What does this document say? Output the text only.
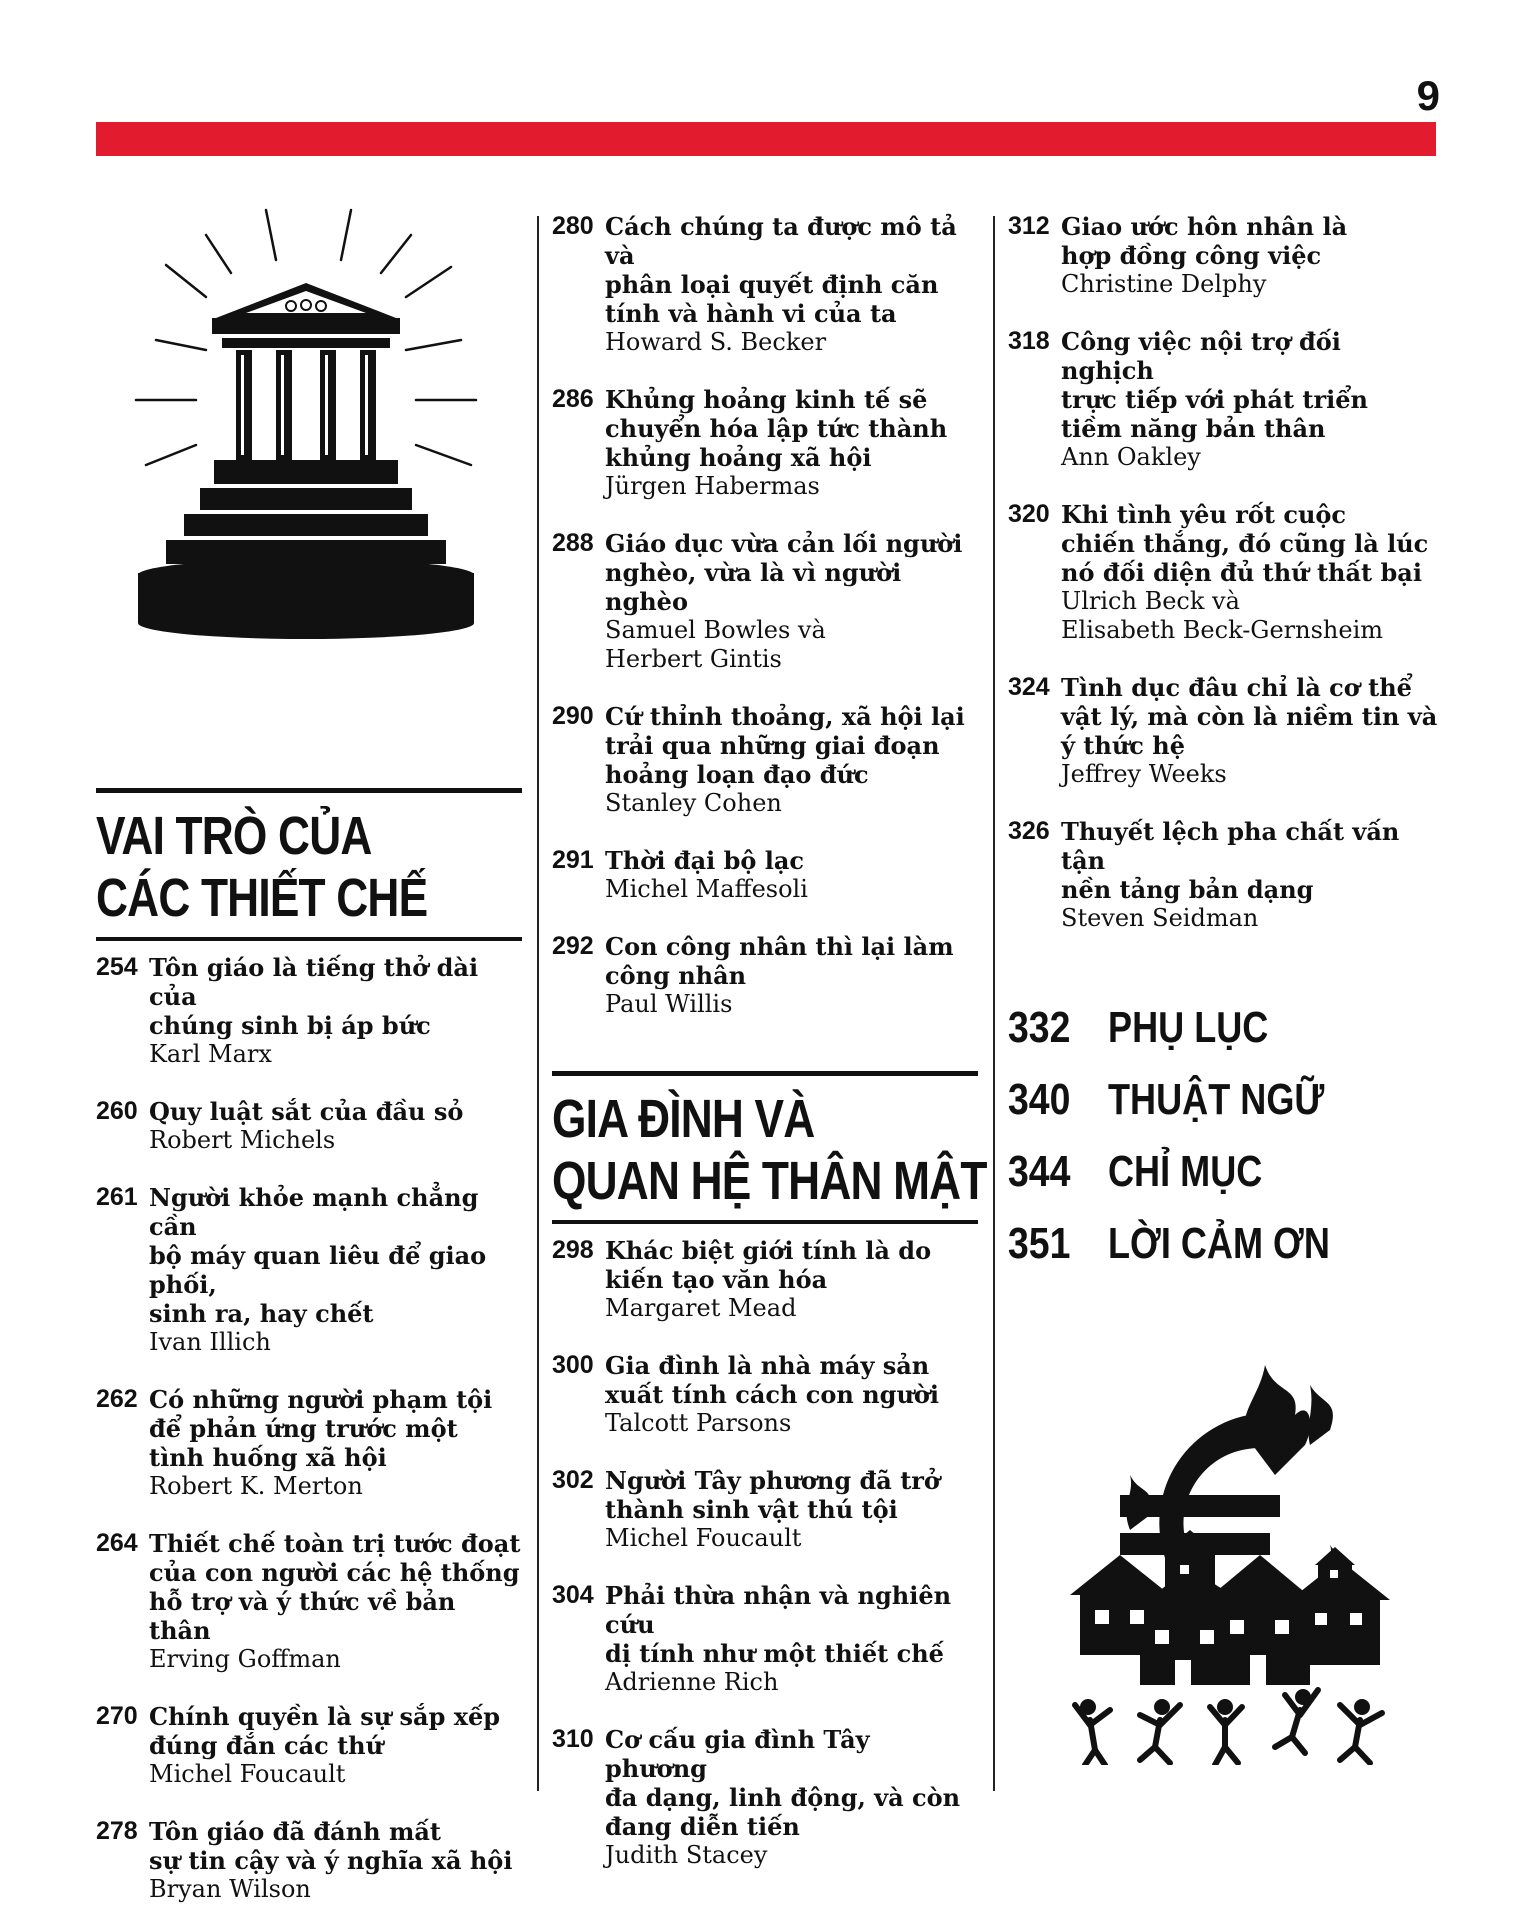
9
VAI TRÒ CỦA
CÁC THIẾT CHẾ
254 Tôn giáo là tiếng thở dài của
chúng sinh bị áp bức
Karl Marx
260 Quy luật sắt của đầu sỏ
Robert Michels
261 Người khỏe mạnh chẳng cần
bộ máy quan liêu để giao phối,
sinh ra, hay chết
Ivan Illich
262 Có những người phạm tội
để phản ứng trước một
tình huống xã hội
Robert K. Merton
264 Thiết chế toàn trị tước đoạt
của con người các hệ thống
hỗ trợ và ý thức về bản thân
Erving Goffman
270 Chính quyền là sự sắp xếp
đúng đắn các thứ
Michel Foucault
278 Tôn giáo đã đánh mất
sự tin cậy và ý nghĩa xã hội
Bryan Wilson
280 Cách chúng ta được mô tả và
phân loại quyết định căn
tính và hành vi của ta
Howard S. Becker
286 Khủng hoảng kinh tế sẽ
chuyển hóa lập tức thành
khủng hoảng xã hội
Jürgen Habermas
288 Giáo dục vừa cản lối người
nghèo, vừa là vì người nghèo
Samuel Bowles và
Herbert Gintis
290 Cứ thỉnh thoảng, xã hội lại
trải qua những giai đoạn
hoảng loạn đạo đức
Stanley Cohen
291 Thời đại bộ lạc
Michel Maffesoli
292 Con công nhân thì lại làm
công nhân
Paul Willis
GIA ĐÌNH VÀ
QUAN HỆ THÂN MẬT
298 Khác biệt giới tính là do
kiến tạo văn hóa
Margaret Mead
300 Gia đình là nhà máy sản
xuất tính cách con người
Talcott Parsons
302 Người Tây phương đã trở
thành sinh vật thú tội
Michel Foucault
304 Phải thừa nhận và nghiên cứu
dị tính như một thiết chế
Adrienne Rich
310 Cơ cấu gia đình Tây phương
đa dạng, linh động, và còn
đang diễn tiến
Judith Stacey
312 Giao ước hôn nhân là
hợp đồng công việc
Christine Delphy
318 Công việc nội trợ đối nghịch
trực tiếp với phát triển
tiềm năng bản thân
Ann Oakley
320 Khi tình yêu rốt cuộc
chiến thắng, đó cũng là lúc
nó đối diện đủ thứ thất bại
Ulrich Beck và
Elisabeth Beck-Gernsheim
324 Tình dục đâu chỉ là cơ thể
vật lý, mà còn là niềm tin và
ý thức hệ
Jeffrey Weeks
326 Thuyết lệch pha chất vấn tận
nền tảng bản dạng
Steven Seidman
332 PHỤ LỤC
340 THUẬT NGỮ
344 CHỈ MỤC
351 LỜI CẢM ƠN
